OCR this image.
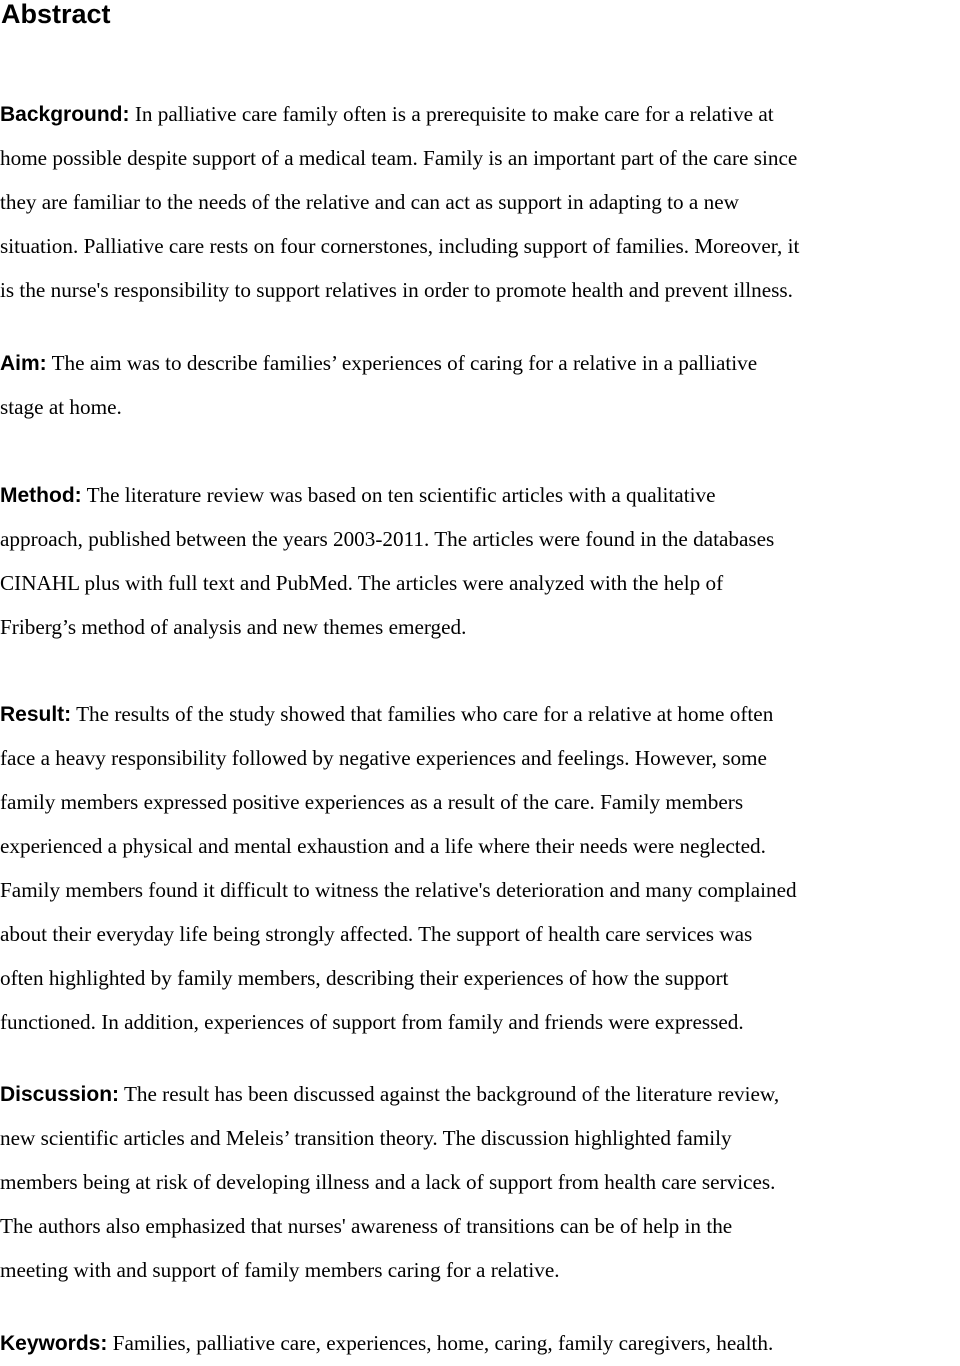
Abstract

Background: In palliative care family often is a prerequisite to make care for a relative at
home possible despite support of a medical team. Family is an important part of the care since
they are familiar to the needs of the relative and can act as support in adapting to a new
situation. Palliative care rests on four cornerstones, including support of families. Moreover, it
is the nurse's responsibility to support relatives in order to promote health and prevent illness.

Aim: The aim was to describe families’ experiences of caring for a relative in a palliative
stage at home.

Method: The literature review was based on ten scientific articles with a qualitative
approach, published between the years 2003-2011. The articles were found in the databases
CINAHL plus with full text and PubMed. The articles were analyzed with the help of
Friberg’s method of analysis and new themes emerged.

Result: The results of the study showed that families who care for a relative at home often
face a heavy responsibility followed by negative experiences and feelings. However, some
family members expressed positive experiences as a result of the care. Family members
experienced a physical and mental exhaustion and a life where their needs were neglected.
Family members found it difficult to witness the relative's deterioration and many complained
about their everyday life being strongly affected. The support of health care services was
often highlighted by family members, describing their experiences of how the support
functioned. In addition, experiences of support from family and friends were expressed.

Discussion: The result has been discussed against the background of the literature review,
new scientific articles and Meleis’ transition theory. The discussion highlighted family
members being at risk of developing illness and a lack of support from health care services.
The authors also emphasized that nurses' awareness of transitions can be of help in the
meeting with and support of family members caring for a relative.

Keywords: Families, palliative care, experiences, home, caring, family caregivers, health.
